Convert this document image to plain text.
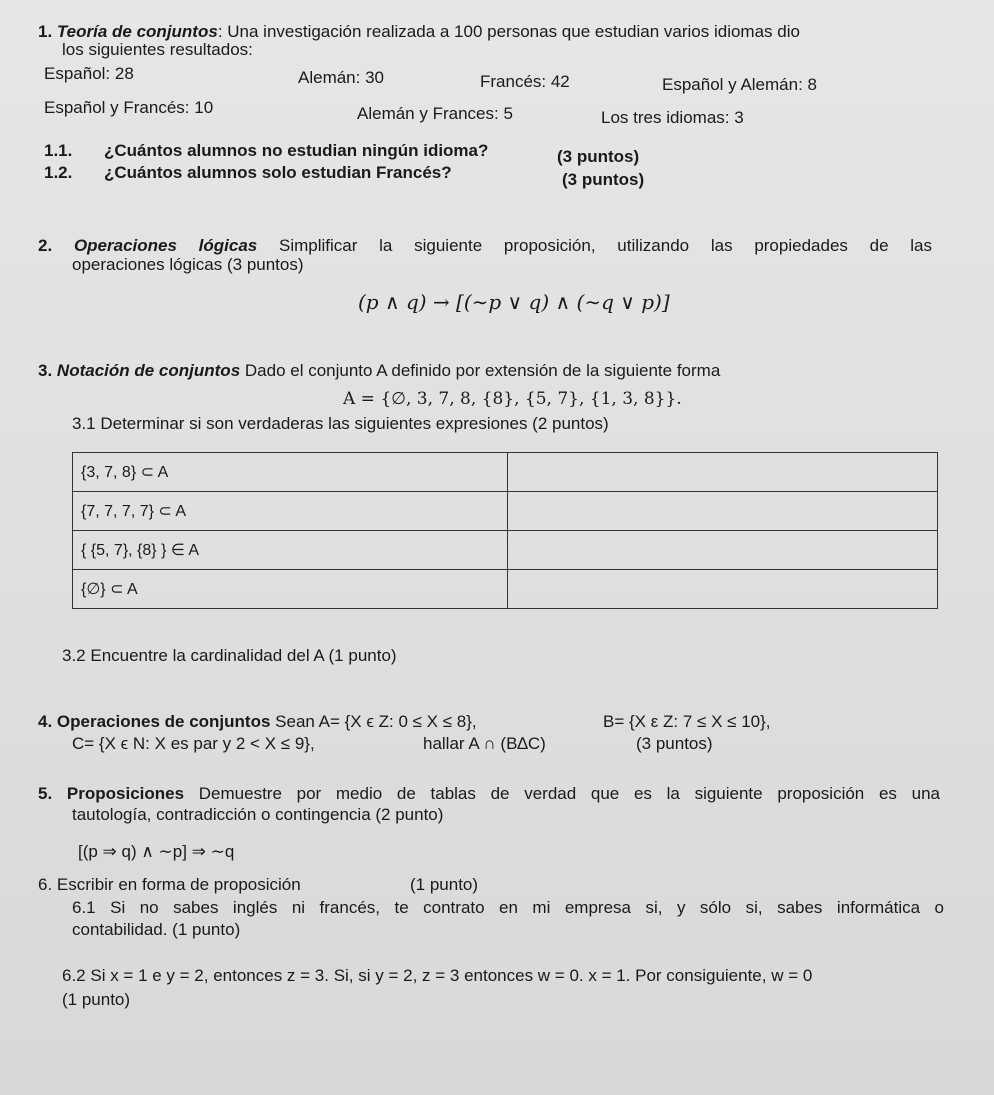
1. Teoría de conjuntos: Una investigación realizada a 100 personas que estudian varios idiomas dio
los siguientes resultados:
Español: 28	Alemán: 30	Francés: 42	Español y Alemán: 8
Español y Francés: 10	Alemán y Frances: 5	Los tres idiomas: 3
1.1. ¿Cuántos alumnos no estudian ningún idioma?	(3 puntos)
1.2. ¿Cuántos alumnos solo estudian Francés?	(3 puntos)
2. Operaciones lógicas Simplificar la siguiente proposición, utilizando las propiedades de las
operaciones lógicas (3 puntos)
(p ∧ q) → [(∼p ∨ q) ∧ (∼q ∨ p)]
3. Notación de conjuntos Dado el conjunto A definido por extensión de la siguiente forma
A = {∅, 3, 7, 8, {8}, {5, 7}, {1, 3, 8}}.
3.1 Determinar si son verdaderas las siguientes expresiones (2 puntos)
{3, 7, 8} ⊂ A	
{7, 7, 7, 7} ⊂ A	
{ {5, 7}, {8} } ∈ A	
{∅} ⊂ A	
3.2 Encuentre la cardinalidad del A (1 punto)
4. Operaciones de conjuntos Sean A= {X ϵ Z: 0 ≤ X ≤ 8},	B= {X ε Z: 7 ≤ X ≤ 10},
C= {X ϵ N: X es par y 2 < X ≤ 9},	hallar A ∩ (B∆C)	(3 puntos)
5. Proposiciones Demuestre por medio de tablas de verdad que es la siguiente proposición es una
tautología, contradicción o contingencia (2 punto)
[(p ⇒ q) ∧ ∼p] ⇒ ∼q
6. Escribir en forma de proposición	(1 punto)
6.1 Si no sabes inglés ni francés, te contrato en mi empresa si, y sólo si, sabes informática o
contabilidad. (1 punto)
6.2 Si x = 1 e y = 2, entonces z = 3. Si, si y = 2, z = 3 entonces w = 0. x = 1. Por consiguiente, w = 0
(1 punto)
